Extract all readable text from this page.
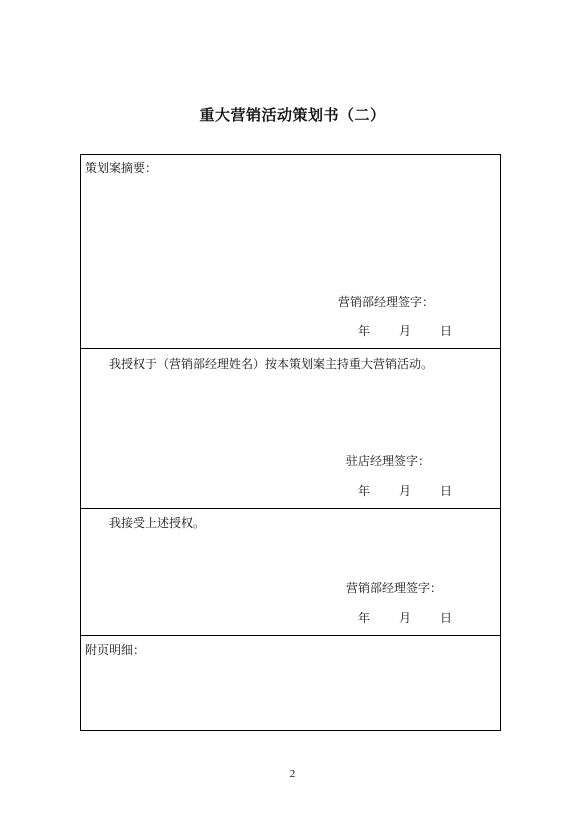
重大营销活动策划书（二）
策划案摘要：
营销部经理签字：
年 月 日
我授权于（营销部经理姓名）按本策划案主持重大营销活动。
驻店经理签字：
年 月 日
我接受上述授权。
营销部经理签字：
年 月 日
附页明细：
2
